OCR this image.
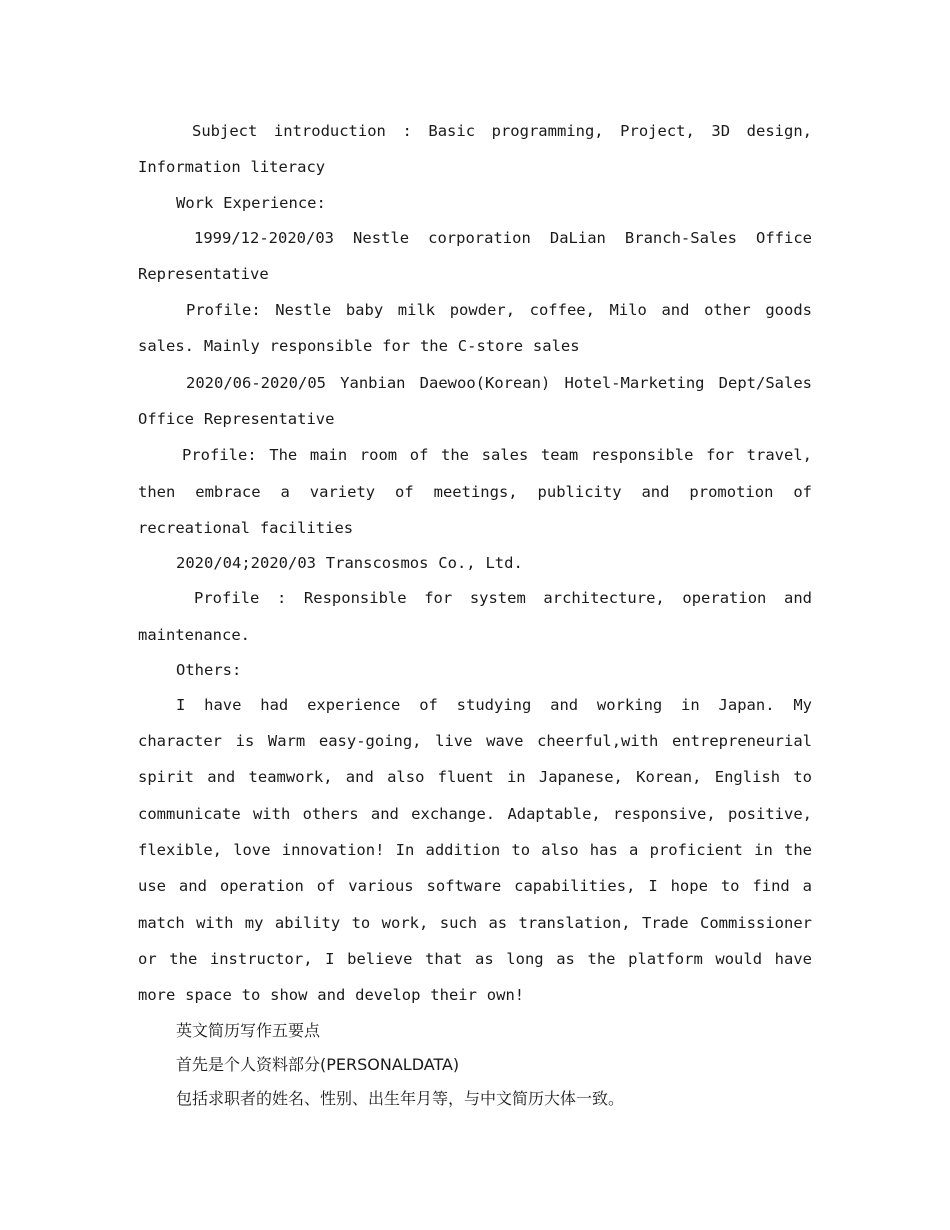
Subject introduction : Basic programming, Project, 3D design, Information literacy

Work Experience:

1999/12-2020/03 Nestle corporation DaLian Branch-Sales Office Representative

Profile: Nestle baby milk powder, coffee, Milo and other goods sales. Mainly responsible for the C-store sales

2020/06-2020/05 Yanbian Daewoo(Korean) Hotel-Marketing Dept/Sales Office Representative

Profile: The main room of the sales team responsible for travel, then embrace a variety of meetings, publicity and promotion of recreational facilities

2020/04;2020/03 Transcosmos Co., Ltd.

Profile : Responsible for system architecture, operation and maintenance.

Others:

I have had experience of studying and working in Japan. My character is Warm easy-going, live wave cheerful,with entrepreneurial spirit and teamwork, and also fluent in Japanese, Korean, English to communicate with others and exchange. Adaptable, responsive, positive, flexible, love innovation! In addition to also has a proficient in the use and operation of various software capabilities, I hope to find a match with my ability to work, such as translation, Trade Commissioner or the instructor, I believe that as long as the platform would have more space to show and develop their own!

英文简历写作五要点

首先是个人资料部分(PERSONALDATA)

包括求职者的姓名、性别、出生年月等，与中文简历大体一致。
